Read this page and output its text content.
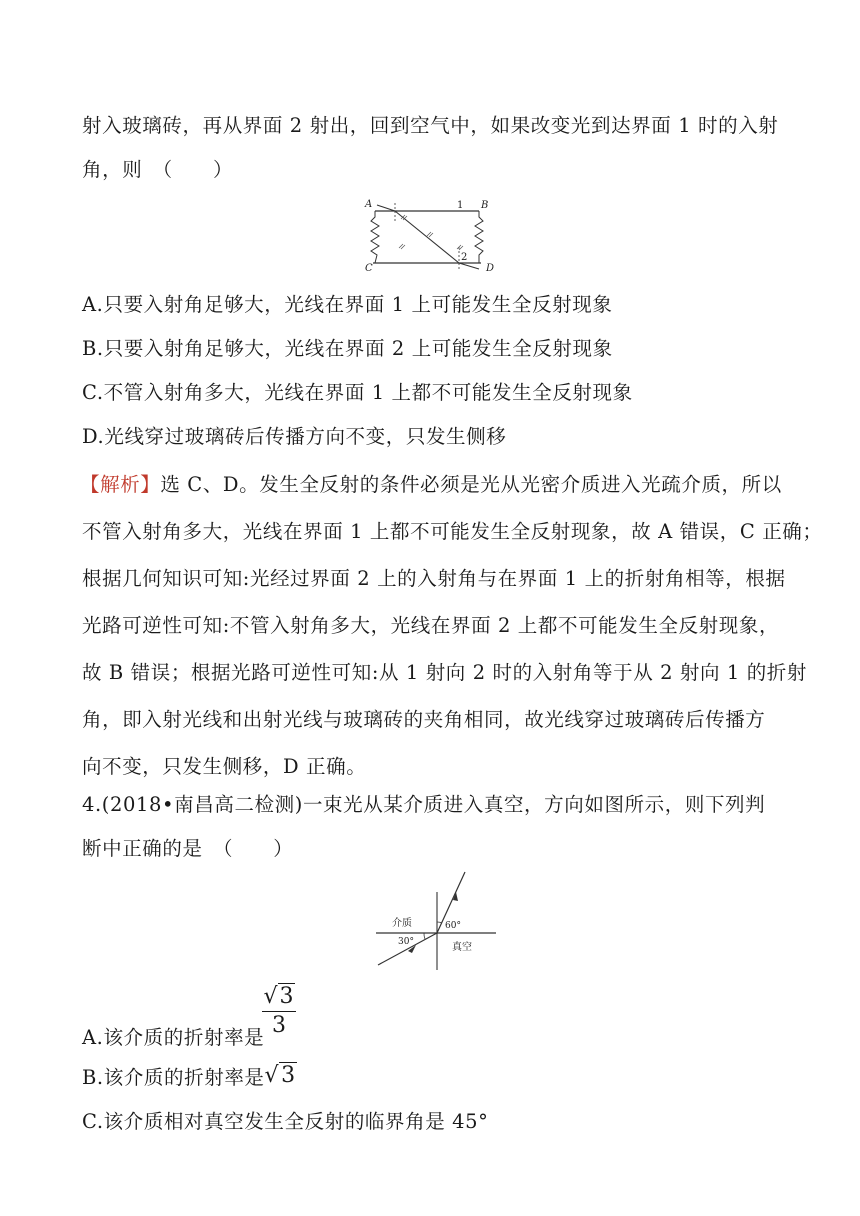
射入玻璃砖，再从界面 2 射出，回到空气中，如果改变光到达界面 1 时的入射
角，则　（　　）
A	1 B
C
2
D
A.只要入射角足够大，光线在界面 1 上可能发生全反射现象
B.只要入射角足够大，光线在界面 2 上可能发生全反射现象
C.不管入射角多大，光线在界面 1 上都不可能发生全反射现象
D.光线穿过玻璃砖后传播方向不变，只发生侧移
【解析】选 C、D。发生全反射的条件必须是光从光密介质进入光疏介质，所以
不管入射角多大，光线在界面 1 上都不可能发生全反射现象，故 A 错误，C 正确；
根据几何知识可知:光经过界面 2 上的入射角与在界面 1 上的折射角相等，根据
光路可逆性可知:不管入射角多大，光线在界面 2 上都不可能发生全反射现象，
故 B 错误；根据光路可逆性可知:从 1 射向 2 时的入射角等于从 2 射向 1 的折射
角，即入射光线和出射光线与玻璃砖的夹角相同，故光线穿过玻璃砖后传播方
向不变，只发生侧移，D 正确。
4.(2018•南昌高二检测)一束光从某介质进入真空，方向如图所示，则下列判
断中正确的是　（　　）
介质
真空
60°
30°
A.该介质的折射率是
√3
3
B.该介质的折射率是√3
C.该介质相对真空发生全反射的临界角是 45°
